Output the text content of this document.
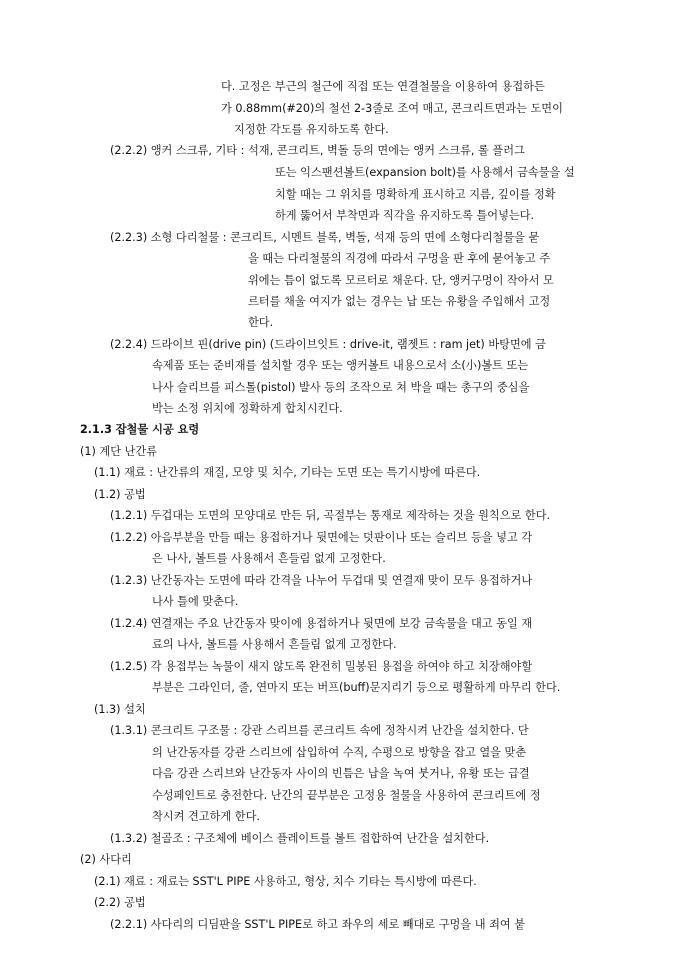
다. 고정은 부근의 철근에 직접 또는 연결철물을 이용하여 용접하든
가 0.88mm(#20)의 철선 2-3줄로 조여 매고, 콘크리트면과는 도면이
지정한 각도를 유지하도록 한다.
(2.2.2) 앵커 스크류, 기타 : 석재, 콘크리트, 벽돌 등의 면에는 앵커 스크류, 롤 플러그
또는 익스팬션볼트(expansion bolt)를 사용해서 금속물을 설
치할 때는 그 위치를 명확하게 표시하고 지름, 깊이를 정확
하게 뚫어서 부착면과 직각을 유지하도록 틀어넣는다.
(2.2.3) 소형 다리철물 : 콘크리트, 시멘트 블록, 벽돌, 석재 등의 면에 소형다리철물을 묻
을 때는 다리철물의 직경에 따라서 구멍을 판 후에 묻어놓고 주
위에는 틈이 없도록 모르터로 채운다. 단, 앵커구멍이 작아서 모
르터를 채울 여지가 없는 경우는 납 또는 유황을 주입해서 고정
한다.
(2.2.4) 드라이브 핀(drive pin) (드라이브잇트 : drive-it, 램젯트 : ram jet) 바탕면에 금
속제품 또는 준비재를 설치할 경우 또는 앵커볼트 내용으로서 소(小)볼트 또는
나사 슬리브를 피스톨(pistol) 발사 등의 조작으로 쳐 박을 때는 총구의 중심을
박는 소정 위치에 정확하게 합치시킨다.
2.1.3 잡철물 시공 요령
(1) 계단 난간류
(1.1) 재료 : 난간류의 재질, 모양 및 치수, 기타는 도면 또는 특기시방에 따른다.
(1.2) 공법
(1.2.1) 두겁대는 도면의 모양대로 만든 뒤, 곡절부는 통재로 제작하는 것을 원칙으로 한다.
(1.2.2) 아음부분을 만들 때는 용접하거나 뒷면에는 덧판이나 또는 슬리브 등을 넣고 각
은 나사, 볼트를 사용해서 흔들림 없게 고정한다.
(1.2.3) 난간동자는 도면에 따라 간격을 나누어 두겁대 및 연결재 맞이 모두 용접하거나
나사 틀에 맞춘다.
(1.2.4) 연결재는 주요 난간동자 맞이에 용접하거나 뒷면에 보강 금속물을 대고 동일 재
료의 나사, 볼트를 사용해서 흔들림 없게 고정한다.
(1.2.5) 각 용접부는 녹물이 새지 않도록 완전히 밀봉된 용접을 하여야 하고 치장해야할
부분은 그라인더, 줄, 연마지 또는 버프(buff)문지리기 등으로 평활하게 마무리 한다.
(1.3) 설치
(1.3.1) 콘크리트 구조물 : 강관 스리브를 콘크리트 속에 정착시켜 난간을 설치한다. 단
의 난간동자를 강관 스리브에 삽입하여 수직, 수평으로 방향을 잡고 열을 맞춘
다음 강관 스리브와 난간동자 사이의 빈틈은 납을 녹여 붓거나, 유황 또는 급결
수성페인트로 충전한다. 난간의 끝부분은 고정용 철물을 사용하여 콘크리트에 정
착시켜 견고하게 한다.
(1.3.2) 철골조 : 구조체에 베이스 플레이트를 볼트 접합하여 난간을 설치한다.
(2) 사다리
(2.1) 재료 : 재료는 SST'L PIPE 사용하고, 형상, 치수 기타는 특시방에 따른다.
(2.2) 공법
(2.2.1) 사다리의 디딤판을 SST'L PIPE로 하고 좌우의 세로 빼대로 구멍을 내 죄여 붙
